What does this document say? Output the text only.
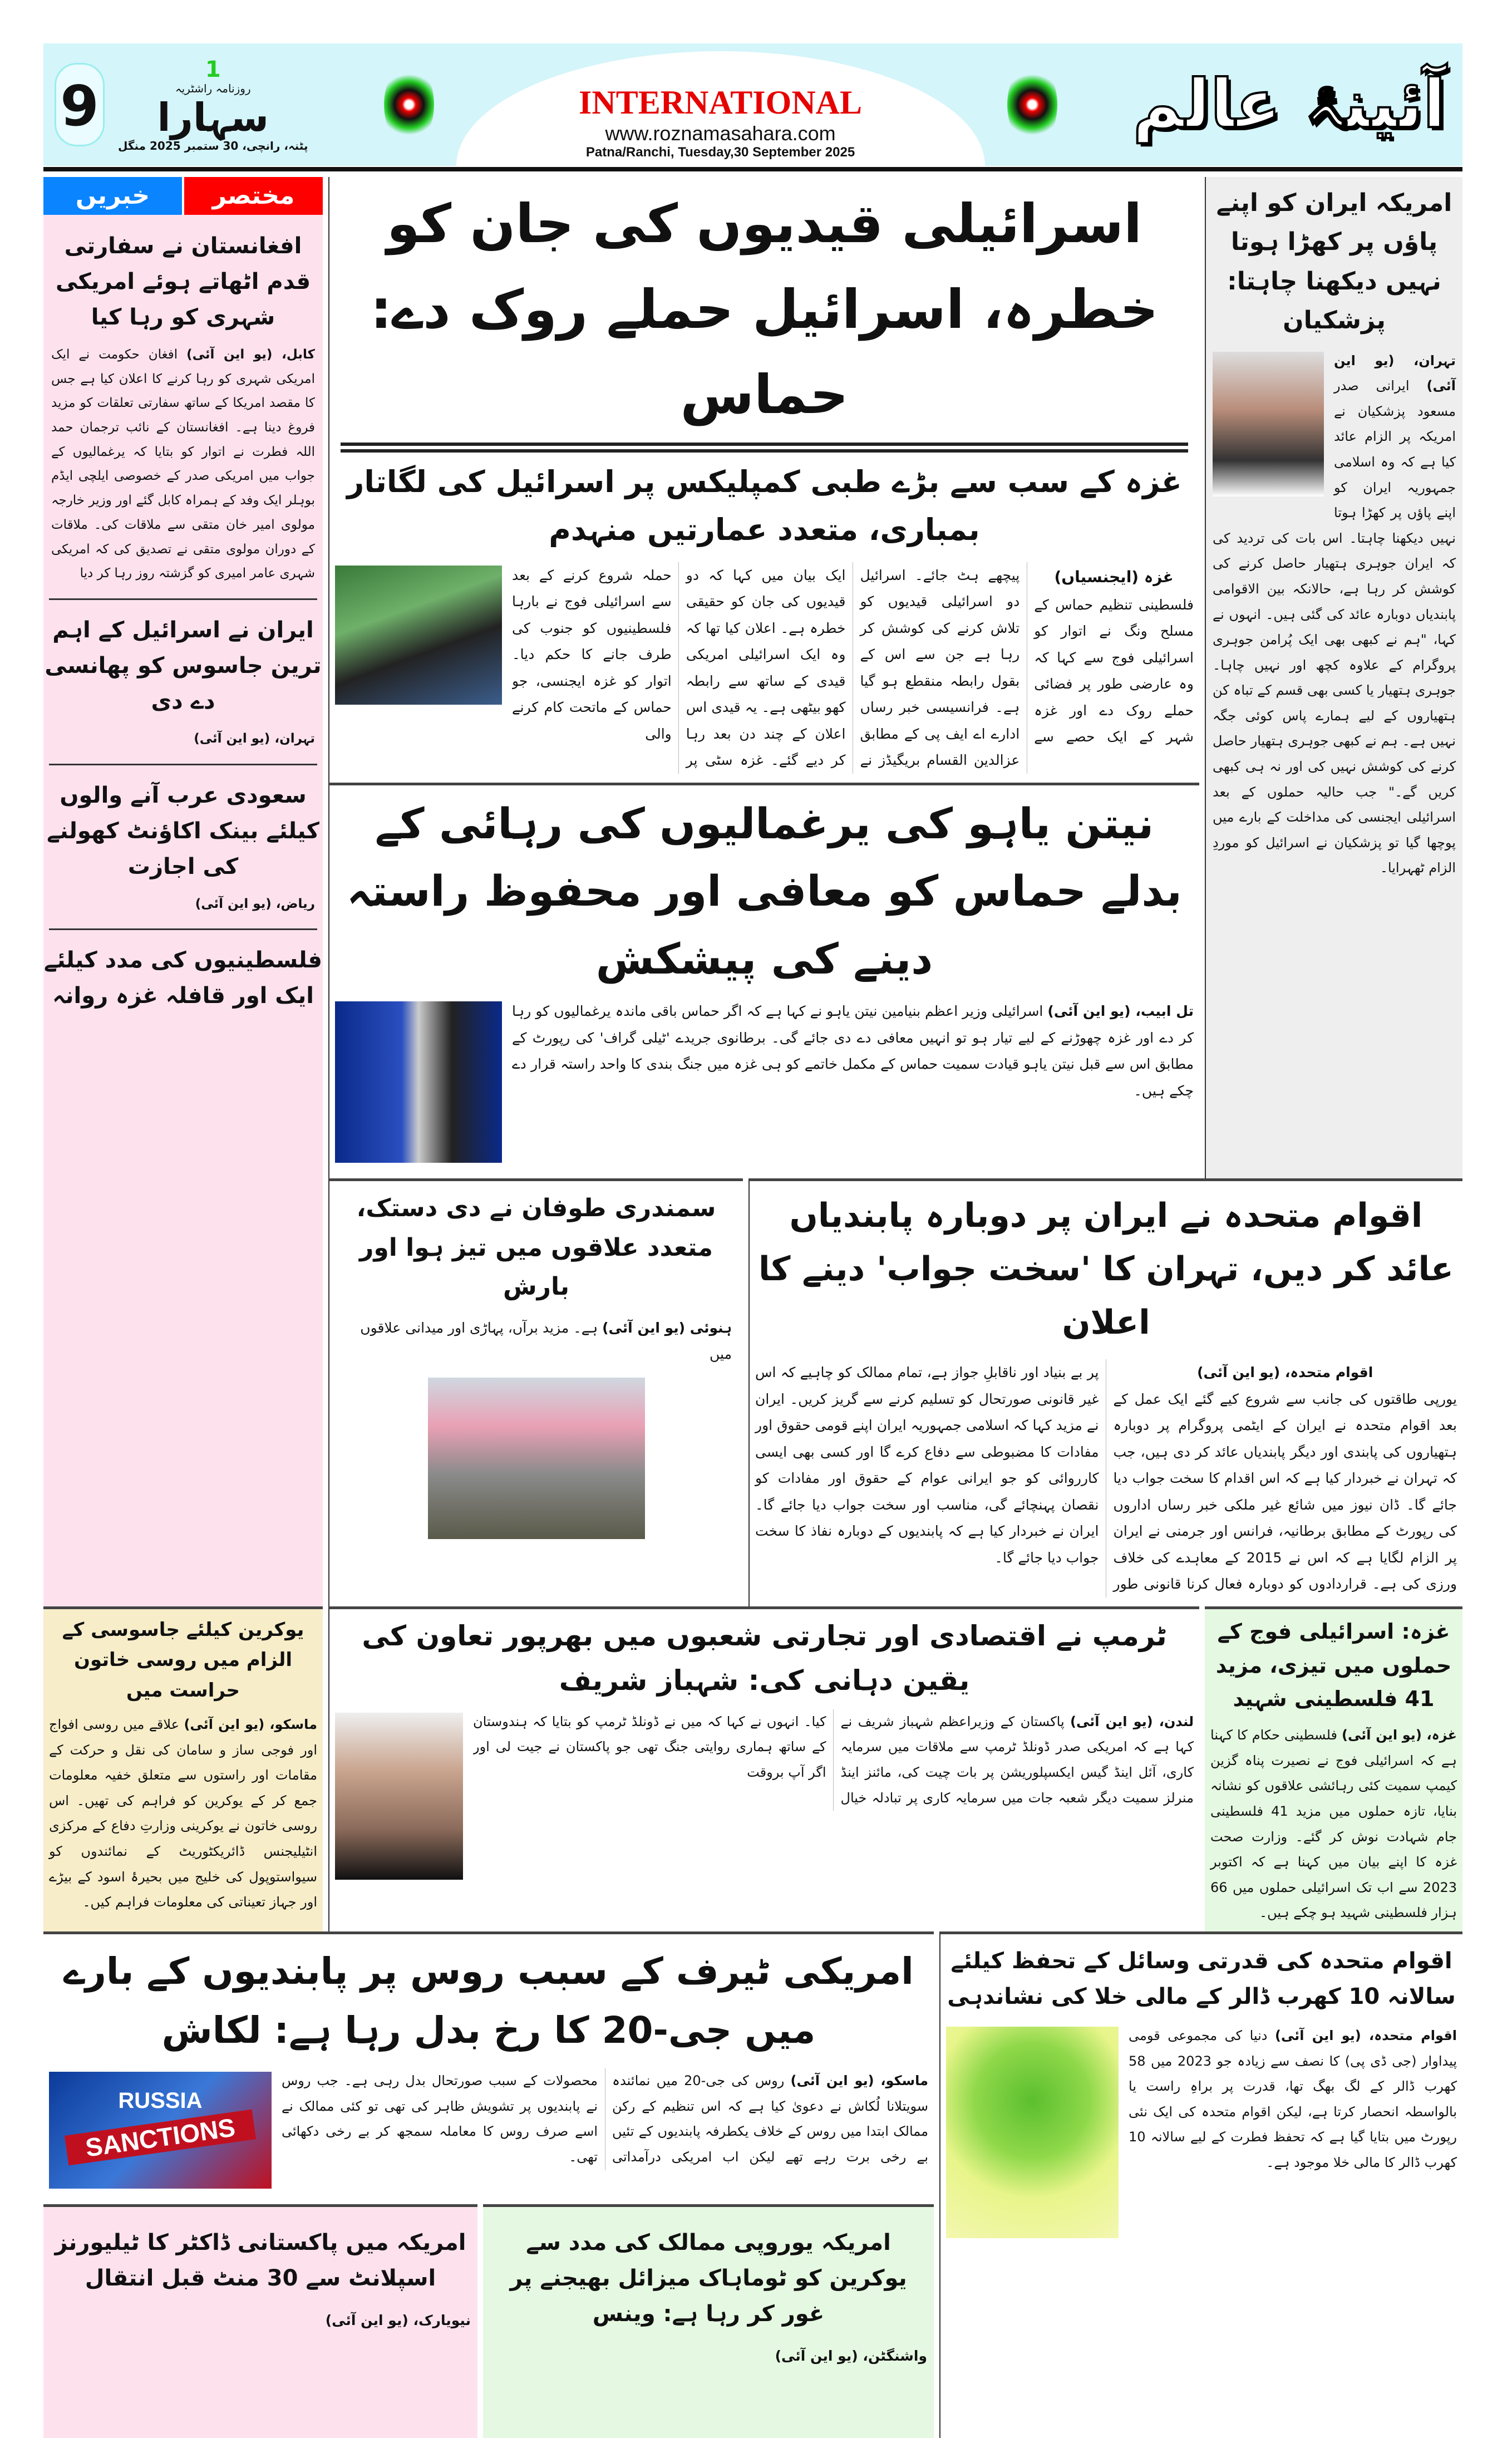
9
1
روزنامہ راشٹریہ
سہارا
پٹنہ، رانچی، 30 ستمبر 2025 منگل
INTERNATIONAL
www.roznamasahara.com
Patna/Ranchi, Tuesday,30 September 2025
آئینۂ عالم
خبریں	مختصر
افغانستان نے سفارتی قدم اٹھاتے ہوئے امریکی شہری کو رہا کیا
کابل، (یو این آئی) افغان حکومت نے ایک امریکی شہری کو رہا کرنے کا اعلان کیا ہے جس کا مقصد امریکا کے ساتھ سفارتی تعلقات کو مزید فروغ دینا ہے۔ افغانستان کے نائب ترجمان حمد اللہ فطرت نے اتوار کو بتایا کہ یرغمالیوں کے جواب میں امریکی صدر کے خصوصی ایلچی ایڈم بوہلر ایک وفد کے ہمراہ کابل گئے اور وزیر خارجہ مولوی امیر خان متقی سے ملاقات کی۔ ملاقات کے دوران مولوی متقی نے تصدیق کی کہ امریکی شہری عامر امیری کو گزشتہ روز رہا کر دیا
ایران نے اسرائیل کے اہم ترین جاسوس کو پھانسی دے دی
تہران، (یو این آئی)
سعودی عرب آنے والوں کیلئے بینک اکاؤنٹ کھولنے کی اجازت
ریاض، (یو این آئی)
فلسطینیوں کی مدد کیلئے ایک اور قافلہ غزہ روانہ
اسرائیلی قیدیوں کی جان کو خطرہ، اسرائیل حملے روک دے: حماس
غزہ کے سب سے بڑے طبی کمپلیکس پر اسرائیل کی لگاتار بمباری، متعدد عمارتیں منہدم
غزہ (ایجنسیاں)
فلسطینی تنظیم حماس کے مسلح ونگ نے اتوار کو اسرائیلی فوج سے کہا کہ وہ عارضی طور پر فضائی حملے روک دے اور غزہ شہر کے ایک حصے سے پیچھے ہٹ جائے۔ اسرائیل دو اسرائیلی قیدیوں کو تلاش کرنے کی کوشش کر رہا ہے جن سے اس کے بقول رابطہ منقطع ہو گیا ہے۔ فرانسیسی خبر رساں ادارے اے ایف پی کے مطابق عزالدین القسام بریگیڈز نے ایک بیان میں کہا کہ دو قیدیوں کی جان کو حقیقی خطرہ ہے۔ اعلان کیا تھا کہ وہ ایک اسرائیلی امریکی قیدی کے ساتھ سے رابطہ کھو بیٹھی ہے۔ یہ قیدی اس اعلان کے چند دن بعد رہا کر دیے گئے۔ غزہ سٹی پر حملہ شروع کرنے کے بعد سے اسرائیلی فوج نے بارہا فلسطینیوں کو جنوب کی طرف جانے کا حکم دیا۔ اتوار کو غزہ ایجنسی، جو حماس کے ماتحت کام کرنے والی
امریکہ ایران کو اپنے پاؤں پر کھڑا ہوتا نہیں دیکھنا چاہتا: پزشکیان
تہران، (یو این آئی) ایرانی صدر مسعود پزشکیان نے امریکہ پر الزام عائد کیا ہے کہ وہ اسلامی جمہوریہ ایران کو اپنے پاؤں پر کھڑا ہوتا نہیں دیکھنا چاہتا۔ اس بات کی تردید کی کہ ایران جوہری ہتھیار حاصل کرنے کی کوشش کر رہا ہے، حالانکہ بین الاقوامی پابندیاں دوبارہ عائد کی گئی ہیں۔ انہوں نے کہا، "ہم نے کبھی بھی ایک پُرامن جوہری پروگرام کے علاوہ کچھ اور نہیں چاہا۔ جوہری ہتھیار یا کسی بھی قسم کے تباہ کن ہتھیاروں کے لیے ہمارے پاس کوئی جگہ نہیں ہے۔ ہم نے کبھی جوہری ہتھیار حاصل کرنے کی کوشش نہیں کی اور نہ ہی کبھی کریں گے۔" جب حالیہ حملوں کے بعد اسرائیلی ایجنسی کی مداخلت کے بارے میں پوچھا گیا تو پزشکیان نے اسرائیل کو موردِ الزام ٹھہرایا۔
نیتن یاہو کی یرغمالیوں کی رہائی کے بدلے حماس کو معافی اور محفوظ راستہ دینے کی پیشکش
تل ابیب، (یو این آئی) اسرائیلی وزیر اعظم بنیامین نیتن یاہو نے کہا ہے کہ اگر حماس باقی ماندہ یرغمالیوں کو رہا کر دے اور غزہ چھوڑنے کے لیے تیار ہو تو انہیں معافی دے دی جائے گی۔ برطانوی جریدے 'ٹیلی گراف' کی رپورٹ کے مطابق اس سے قبل نیتن یاہو قیادت سمیت حماس کے مکمل خاتمے کو ہی غزہ میں جنگ بندی کا واحد راستہ قرار دے چکے ہیں۔
سمندری طوفان نے دی دستک، متعدد علاقوں میں تیز ہوا اور بارش
ہنوئی (یو این آئی) ہے۔ مزید برآں، پہاڑی اور میدانی علاقوں میں
اقوام متحدہ نے ایران پر دوبارہ پابندیاں عائد کر دیں، تہران کا 'سخت جواب' دینے کا اعلان
اقوام متحدہ، (یو این آئی)
یورپی طاقتوں کی جانب سے شروع کیے گئے ایک عمل کے بعد اقوام متحدہ نے ایران کے ایٹمی پروگرام پر دوبارہ ہتھیاروں کی پابندی اور دیگر پابندیاں عائد کر دی ہیں، جب کہ تہران نے خبردار کیا ہے کہ اس اقدام کا سخت جواب دیا جائے گا۔ ڈان نیوز میں شائع غیر ملکی خبر رساں اداروں کی رپورٹ کے مطابق برطانیہ، فرانس اور جرمنی نے ایران پر الزام لگایا ہے کہ اس نے 2015 کے معاہدے کی خلاف ورزی کی ہے۔ قراردادوں کو دوبارہ فعال کرنا قانونی طور پر بے بنیاد اور ناقابلِ جواز ہے، تمام ممالک کو چاہیے کہ اس غیر قانونی صورتحال کو تسلیم کرنے سے گریز کریں۔ ایران نے مزید کہا کہ اسلامی جمہوریہ ایران اپنے قومی حقوق اور مفادات کا مضبوطی سے دفاع کرے گا اور کسی بھی ایسی کارروائی کو جو ایرانی عوام کے حقوق اور مفادات کو نقصان پہنچائے گی، مناسب اور سخت جواب دیا جائے گا۔ ایران نے خبردار کیا ہے کہ پابندیوں کے دوبارہ نفاذ کا سخت جواب دیا جائے گا۔
یوکرین کیلئے جاسوسی کے الزام میں روسی خاتون حراست میں
ماسکو، (یو این آئی) علاقے میں روسی افواج اور فوجی ساز و سامان کی نقل و حرکت کے مقامات اور راستوں سے متعلق خفیہ معلومات جمع کر کے یوکرین کو فراہم کی تھیں۔ اس روسی خاتون نے یوکرینی وزارتِ دفاع کے مرکزی انٹیلیجنس ڈائریکٹوریٹ کے نمائندوں کو سیواستوپول کی خلیج میں بحیرۂ اسود کے بیڑے اور جہاز تعیناتی کی معلومات فراہم کیں۔
ٹرمپ نے اقتصادی اور تجارتی شعبوں میں بھرپور تعاون کی یقین دہانی کی: شہباز شریف
لندن، (یو این آئی) پاکستان کے وزیراعظم شہباز شریف نے کہا ہے کہ امریکی صدر ڈونلڈ ٹرمپ سے ملاقات میں سرمایہ کاری، آئل اینڈ گیس ایکسپلوریشن پر بات چیت کی، مائنز اینڈ منرلز سمیت دیگر شعبہ جات میں سرمایہ کاری پر تبادلہ خیال کیا۔ انہوں نے کہا کہ میں نے ڈونلڈ ٹرمپ کو بتایا کہ ہندوستان کے ساتھ ہماری روایتی جنگ تھی جو پاکستان نے جیت لی اور اگر آپ بروقت
غزہ: اسرائیلی فوج کے حملوں میں تیزی، مزید 41 فلسطینی شہید
غزہ، (یو این آئی) فلسطینی حکام کا کہنا ہے کہ اسرائیلی فوج نے نصیرت پناہ گزین کیمپ سمیت کئی رہائشی علاقوں کو نشانہ بنایا، تازہ حملوں میں مزید 41 فلسطینی جام شہادت نوش کر گئے۔ وزارت صحت غزہ کا اپنے بیان میں کہنا ہے کہ اکتوبر 2023 سے اب تک اسرائیلی حملوں میں 66 ہزار فلسطینی شہید ہو چکے ہیں۔
امریکی ٹیرف کے سبب روس پر پابندیوں کے بارے میں جی-20 کا رخ بدل رہا ہے: لکاش
RUSSIA
SANCTIONS
ماسکو، (یو این آئی) روس کی جی-20 میں نمائندہ سویتلانا لُکاش نے دعویٰ کیا ہے کہ اس تنظیم کے رکن ممالک ابتدا میں روس کے خلاف یکطرفہ پابندیوں کے تئیں بے رخی برت رہے تھے لیکن اب امریکی درآمداتی محصولات کے سبب صورتحال بدل رہی ہے۔ جب روس نے پابندیوں پر تشویش ظاہر کی تھی تو کئی ممالک نے اسے صرف روس کا معاملہ سمجھ کر بے رخی دکھائی تھی۔
اقوام متحدہ کی قدرتی وسائل کے تحفظ کیلئے سالانہ 10 کھرب ڈالر کے مالی خلا کی نشاندہی
اقوام متحدہ، (یو این آئی) دنیا کی مجموعی قومی پیداوار (جی ڈی پی) کا نصف سے زیادہ جو 2023 میں 58 کھرب ڈالر کے لگ بھگ تھا، قدرت پر براہِ راست یا بالواسطہ انحصار کرتا ہے، لیکن اقوام متحدہ کی ایک نئی رپورٹ میں بتایا گیا ہے کہ تحفظ فطرت کے لیے سالانہ 10 کھرب ڈالر کا مالی خلا موجود ہے۔
امریکہ میں پاکستانی ڈاکٹر کا ٹیلیورنز اسپلانٹ سے 30 منٹ قبل انتقال
نیویارک، (یو این آئی)
امریکہ یوروپی ممالک کی مدد سے یوکرین کو ٹوماہاک میزائل بھیجنے پر غور کر رہا ہے: وینس
واشنگٹن، (یو این آئی)
